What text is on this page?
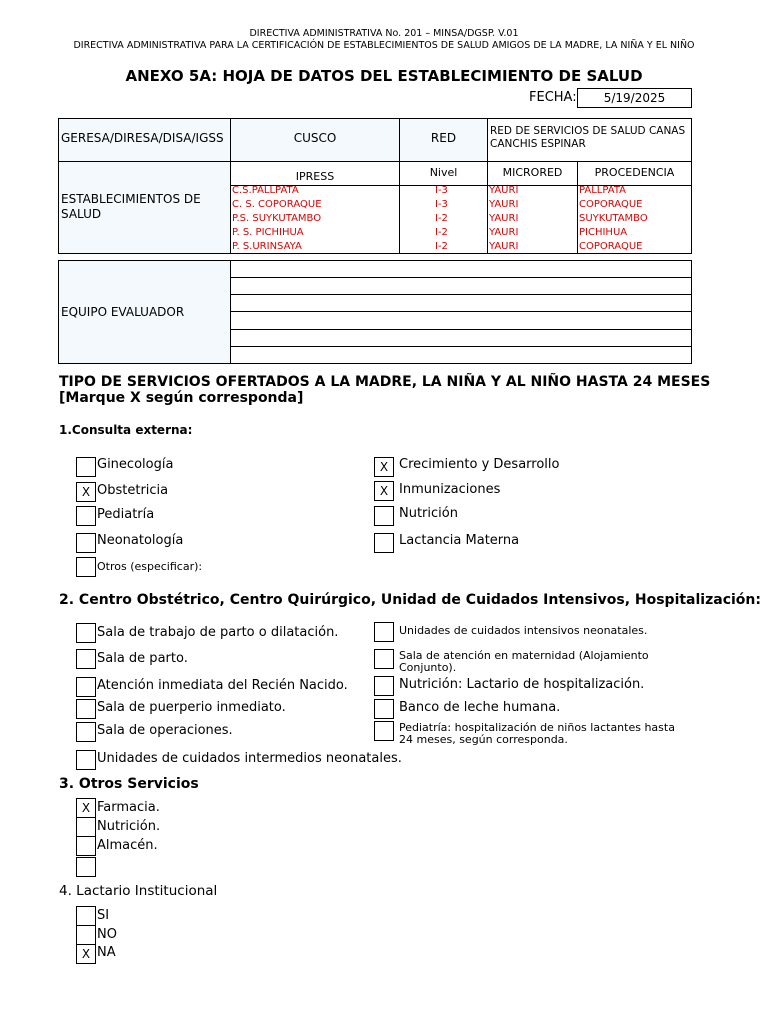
DIRECTIVA ADMINISTRATIVA No. 201 – MINSA/DGSP. V.01
DIRECTIVA ADMINISTRATIVA PARA LA CERTIFICACIÓN DE ESTABLECIMIENTOS DE SALUD AMIGOS DE LA MADRE, LA NIÑA Y EL NIÑO
ANEXO 5A: HOJA DE DATOS DEL ESTABLECIMIENTO DE SALUD
FECHA:	5/19/2025
GERESA/DIRESA/DISA/IGSS	CUSCO	RED	RED DE SERVICIOS DE SALUD CANAS CANCHIS ESPINAR
ESTABLECIMIENTOS DE SALUD
IPRESS	Nivel	MICRORED	PROCEDENCIA
C.S.PALLPATA	I-3	YAURI	PALLPATA
C. S. COPORAQUE	I-3	YAURI	COPORAQUE
P.S. SUYKUTAMBO	I-2	YAURI	SUYKUTAMBO
P. S. PICHIHUA	I-2	YAURI	PICHIHUA
P. S.URINSAYA	I-2	YAURI	COPORAQUE
EQUIPO EVALUADOR
TIPO DE SERVICIOS OFERTADOS A LA MADRE, LA NIÑA Y AL NIÑO HASTA 24 MESES
[Marque X según corresponda]
1.Consulta externa:
Ginecología
X Obstetricia
Pediatría
Neonatología
Otros (especificar):
X Crecimiento y Desarrollo
X Inmunizaciones
Nutrición
Lactancia Materna
2. Centro Obstétrico, Centro Quirúrgico, Unidad de Cuidados Intensivos, Hospitalización:
Sala de trabajo de parto o dilatación.
Sala de parto.
Atención inmediata del Recién Nacido.
Sala de puerperio inmediato.
Sala de operaciones.
Unidades de cuidados intermedios neonatales.
Unidades de cuidados intensivos neonatales.
Sala de atención en maternidad (Alojamiento Conjunto).
Nutrición: Lactario de hospitalización.
Banco de leche humana.
Pediatría: hospitalización de niños lactantes hasta 24 meses, según corresponda.
3. Otros Servicios
X Farmacia.
Nutrición.
Almacén.
4. Lactario Institucional
SI
NO
X NA
